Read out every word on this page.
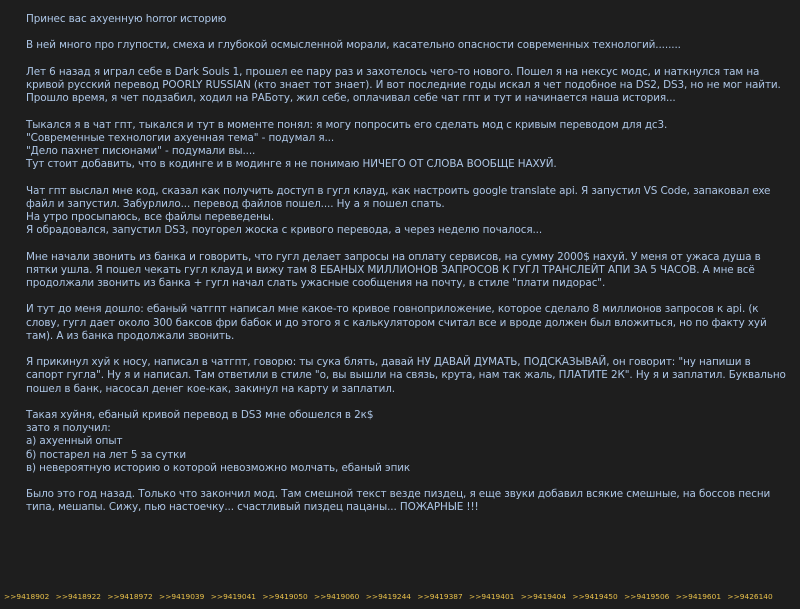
Принес вас ахуенную horror историю

В ней много про глупости, смеха и глубокой осмысленной морали, касательно опасности современных технологий........

Лет 6 назад я играл себе в Dark Souls 1, прошел ее пару раз и захотелось чего-то нового. Пошел я на нексус модс, и наткнулся там на кривой русский перевод POORLY RUSSIAN (кто знает тот знает). И вот последние годы искал я чет подобное на DS2, DS3, но не мог найти. Прошло время, я чет подзабил, ходил на РАБоту, жил себе, оплачивал себе чат гпт и тут и начинается наша история...

Тыкался я в чат гпт, тыкался и тут в моменте понял: я могу попросить его сделать мод с кривым переводом для дс3.
"Современные технологии ахуенная тема" - подумал я...
"Дело пахнет писюнами" - подумали вы....
Тут стоит добавить, что в кодинге и в модинге я не понимаю НИЧЕГО ОТ СЛОВА ВООБЩЕ НАХУЙ.

Чат гпт выслал мне код, сказал как получить доступ в гугл клауд, как настроить google translate api. Я запустил VS Code, запаковал exe файл и запустил. Забурлило... перевод файлов пошел.... Ну а я пошел спать.
На утро просыпаюсь, все файлы переведены.
Я обрадовался, запустил DS3, поугорел жоска с кривого перевода, а через неделю почалося...

Мне начали звонить из банка и говорить, что гугл делает запросы на оплату сервисов, на сумму 2000$ нахуй. У меня от ужаса душа в пятки ушла. Я пошел чекать гугл клауд и вижу там 8 ЕБАНЫХ МИЛЛИОНОВ ЗАПРОСОВ К ГУГЛ ТРАНСЛЕЙТ АПИ ЗА 5 ЧАСОВ. А мне всё продолжали звонить из банка + гугл начал слать ужасные сообщения на почту, в стиле "плати пидорас".

И тут до меня дошло: ебаный чатгпт написал мне какое-то кривое говноприложение, которое сделало 8 миллионов запросов к api. (к слову, гугл дает около 300 баксов фри бабок и до этого я с калькулятором считал все и вроде должен был вложиться, но по факту хуй там). А из банка продолжали звонить.

Я прикинул хуй к носу, написал в чатгпт, говорю: ты сука блять, давай НУ ДАВАЙ ДУМАТЬ, ПОДСКАЗЫВАЙ, он говорит: "ну напиши в сапорт гугла". Ну я и написал. Там ответили в стиле "о, вы вышли на связь, крута, нам так жаль, ПЛАТИТЕ 2К". Ну я и заплатил. Буквально пошел в банк, насосал денег кое-как, закинул на карту и заплатил.

Такая хуйня, ебаный кривой перевод в DS3 мне обошелся в 2к$
зато я получил:
а) ахуенный опыт
б) постарел на лет 5 за сутки
в) невероятную историю о которой невозможно молчать, ебаный эпик

Было это год назад. Только что закончил мод. Там смешной текст везде пиздец, я еще звуки добавил всякие смешные, на боссов песни типа, мешапы. Сижу, пью настоечку... счастливый пиздец пацаны... ПОЖАРНЫЕ !!!

>>9418902 >>9418922 >>9418972 >>9419039 >>9419041 >>9419050 >>9419060 >>9419244 >>9419387 >>9419401 >>9419404 >>9419450 >>9419506 >>9419601 >>9426140
